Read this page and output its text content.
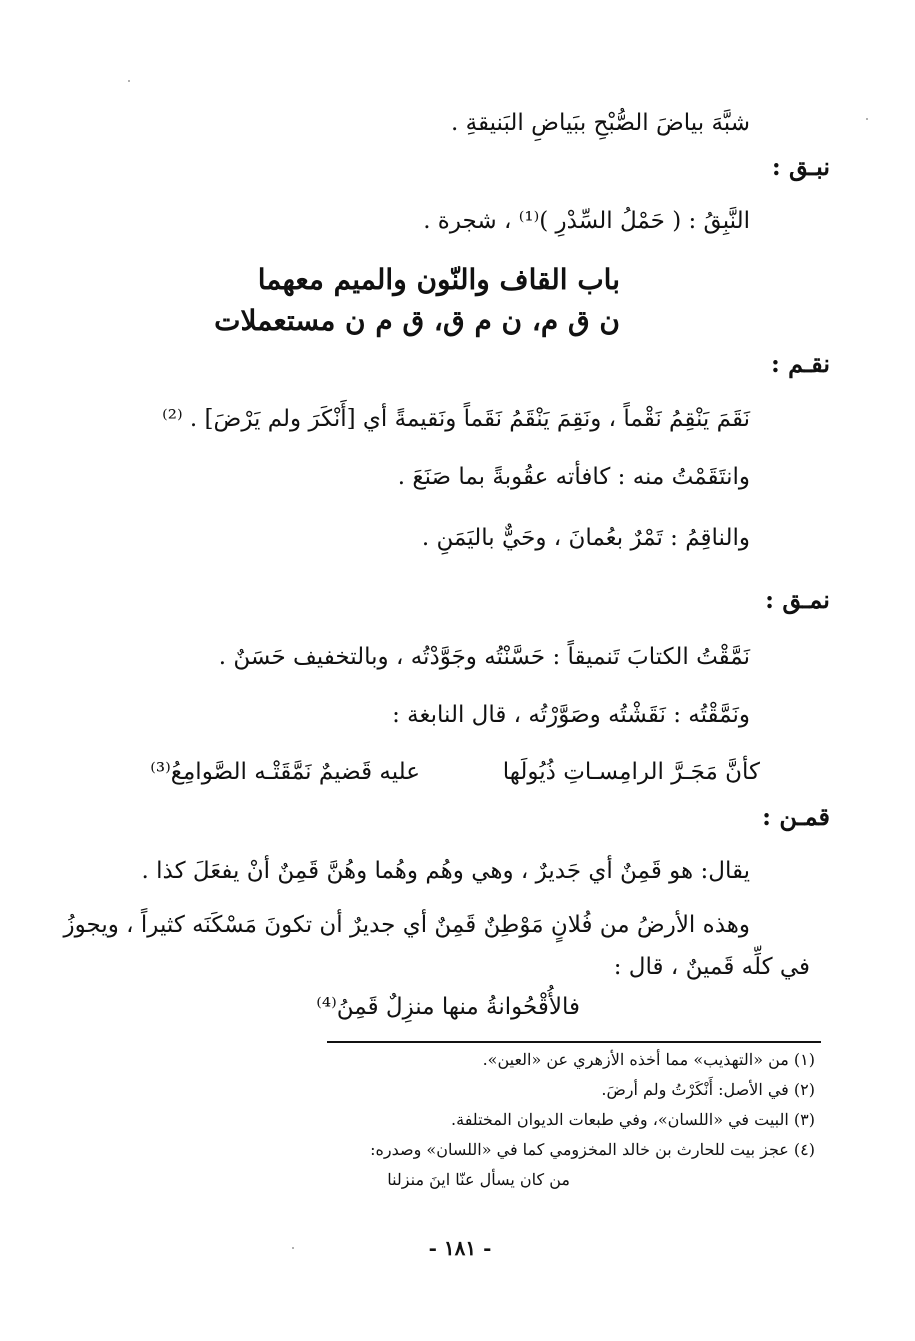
شبَّهَ بياضَ الصُّبْحِ ببَياضِ البَنيقةِ .
نبـق :
النَّبِقُ : ( حَمْلُ السِّدْرِ )⁽¹⁾ ، شجرة .
باب القاف والنّون والميم معهما
ن ق م، ن م ق، ق م ن مستعملات
نقـم :
نَقَمَ يَنْقِمُ نَقْماً ، ونَقِمَ يَنْقَمُ نَقَماً ونَقيمةً أي [أَنْكَرَ ولم يَرْضَ] . ⁽²⁾
وانتَقَمْتُ منه : كافأته عقُوبةً بما صَنَعَ .
والناقِمُ : تَمْرٌ بعُمانَ ، وحَيٌّ باليَمَنِ .
نمـق :
نَمَّقْتُ الكتابَ تَنميقاً : حَسَّنْتُه وجَوَّدْتُه ، وبالتخفيف حَسَنٌ .
ونَمَّقْتُه : نَقَشْتُه وصَوَّرْتُه ، قال النابغة :
كأنَّ مَجَـرَّ الرامِسـاتِ ذُيُولَها
عليه قَضيمٌ نَمَّقَتْـه الصَّوامِعُ⁽³⁾
قمـن :
يقال: هو قَمِنٌ أي جَديرٌ ، وهي وهُم وهُما وهُنَّ قَمِنٌ أنْ يفعَلَ كذا .
وهذه الأرضُ من فُلانٍ مَوْطِنٌ قَمِنٌ أي جديرٌ أن تكونَ مَسْكَنَه كثيراً ، ويجوزُ
في كلِّه قَمينٌ ، قال :
فالأُقْحُوانةُ منها منزِلٌ قَمِنُ⁽⁴⁾
(١) من «التهذيب» مما أخذه الأزهري عن «العين».
(٢) في الأصل: أَنْكَرْتُ ولم أرضَ.
(٣) البيت في «اللسان»، وفي طبعات الديوان المختلفة.
(٤) عجز بيت للحارث بن خالد المخزومي كما في «اللسان» وصدره:
من كان يسأل عنّا اينَ منزلنا
- ١٨١ -
